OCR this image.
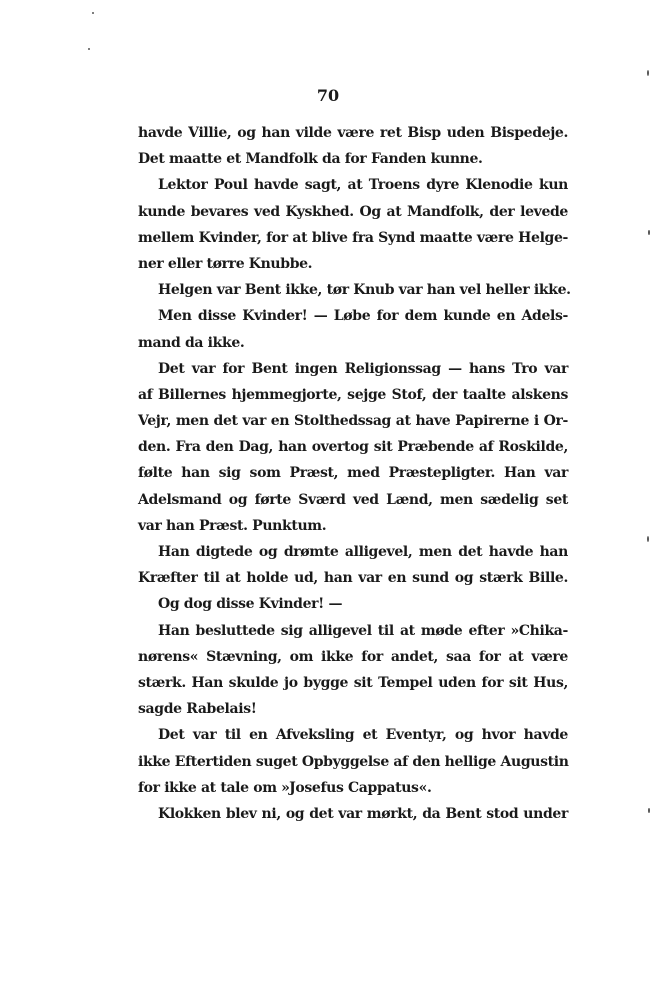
70
havde Villie, og han vilde være ret Bisp uden Bispedeje.
Det maatte et Mandfolk da for Fanden kunne.
Lektor Poul havde sagt, at Troens dyre Klenodie kun
kunde bevares ved Kyskhed. Og at Mandfolk, der levede
mellem Kvinder, for at blive fra Synd maatte være Helge-
ner eller tørre Knubbe.
Helgen var Bent ikke, tør Knub var han vel heller ikke.
Men disse Kvinder! — Løbe for dem kunde en Adels-
mand da ikke.
Det var for Bent ingen Religionssag — hans Tro var
af Billernes hjemmegjorte, sejge Stof, der taalte alskens
Vejr, men det var en Stolthedssag at have Papirerne i Or-
den. Fra den Dag, han overtog sit Præbende af Roskilde,
følte han sig som Præst, med Præstepligter. Han var
Adelsmand og førte Sværd ved Lænd, men sædelig set
var han Præst. Punktum.
Han digtede og drømte alligevel, men det havde han
Kræfter til at holde ud, han var en sund og stærk Bille.
Og dog disse Kvinder! —
Han besluttede sig alligevel til at møde efter »Chika-
nørens« Stævning, om ikke for andet, saa for at være
stærk. Han skulde jo bygge sit Tempel uden for sit Hus,
sagde Rabelais!
Det var til en Afveksling et Eventyr, og hvor havde
ikke Eftertiden suget Opbyggelse af den hellige Augustin
for ikke at tale om »Josefus Cappatus«.
Klokken blev ni, og det var mørkt, da Bent stod under
